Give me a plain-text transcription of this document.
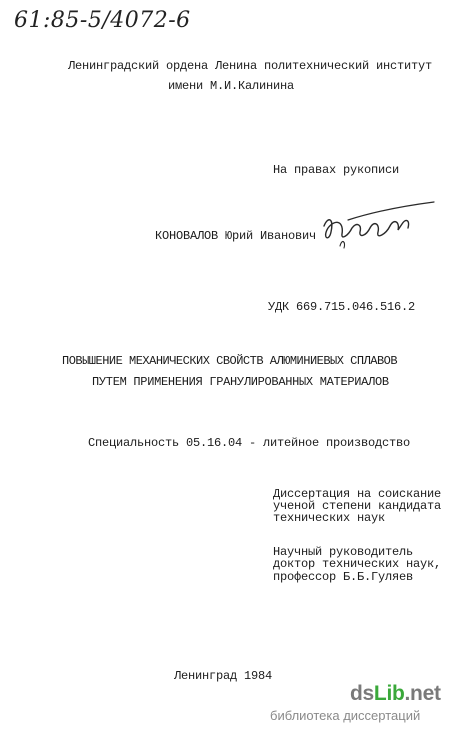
61:85-5/4072-6
Ленинградский ордена Ленина политехнический институт
имени М.И.Калинина
На правах рукописи
КОНОВАЛОВ Юрий Иванович
УДК 669.715.046.516.2
ПОВЫШЕНИЕ МЕХАНИЧЕСКИХ СВОЙСТВ АЛЮМИНИЕВЫХ СПЛАВОВ
ПУТЕМ ПРИМЕНЕНИЯ ГРАНУЛИРОВАННЫХ МАТЕРИАЛОВ
Специальность 05.16.04 - литейное производство
Диссертация на соискание
ученой степени кандидата
технических наук
Научный руководитель
доктор технических наук,
профессор Б.Б.Гуляев
Ленинград 1984
dsLib.net
библиотека диссертаций
